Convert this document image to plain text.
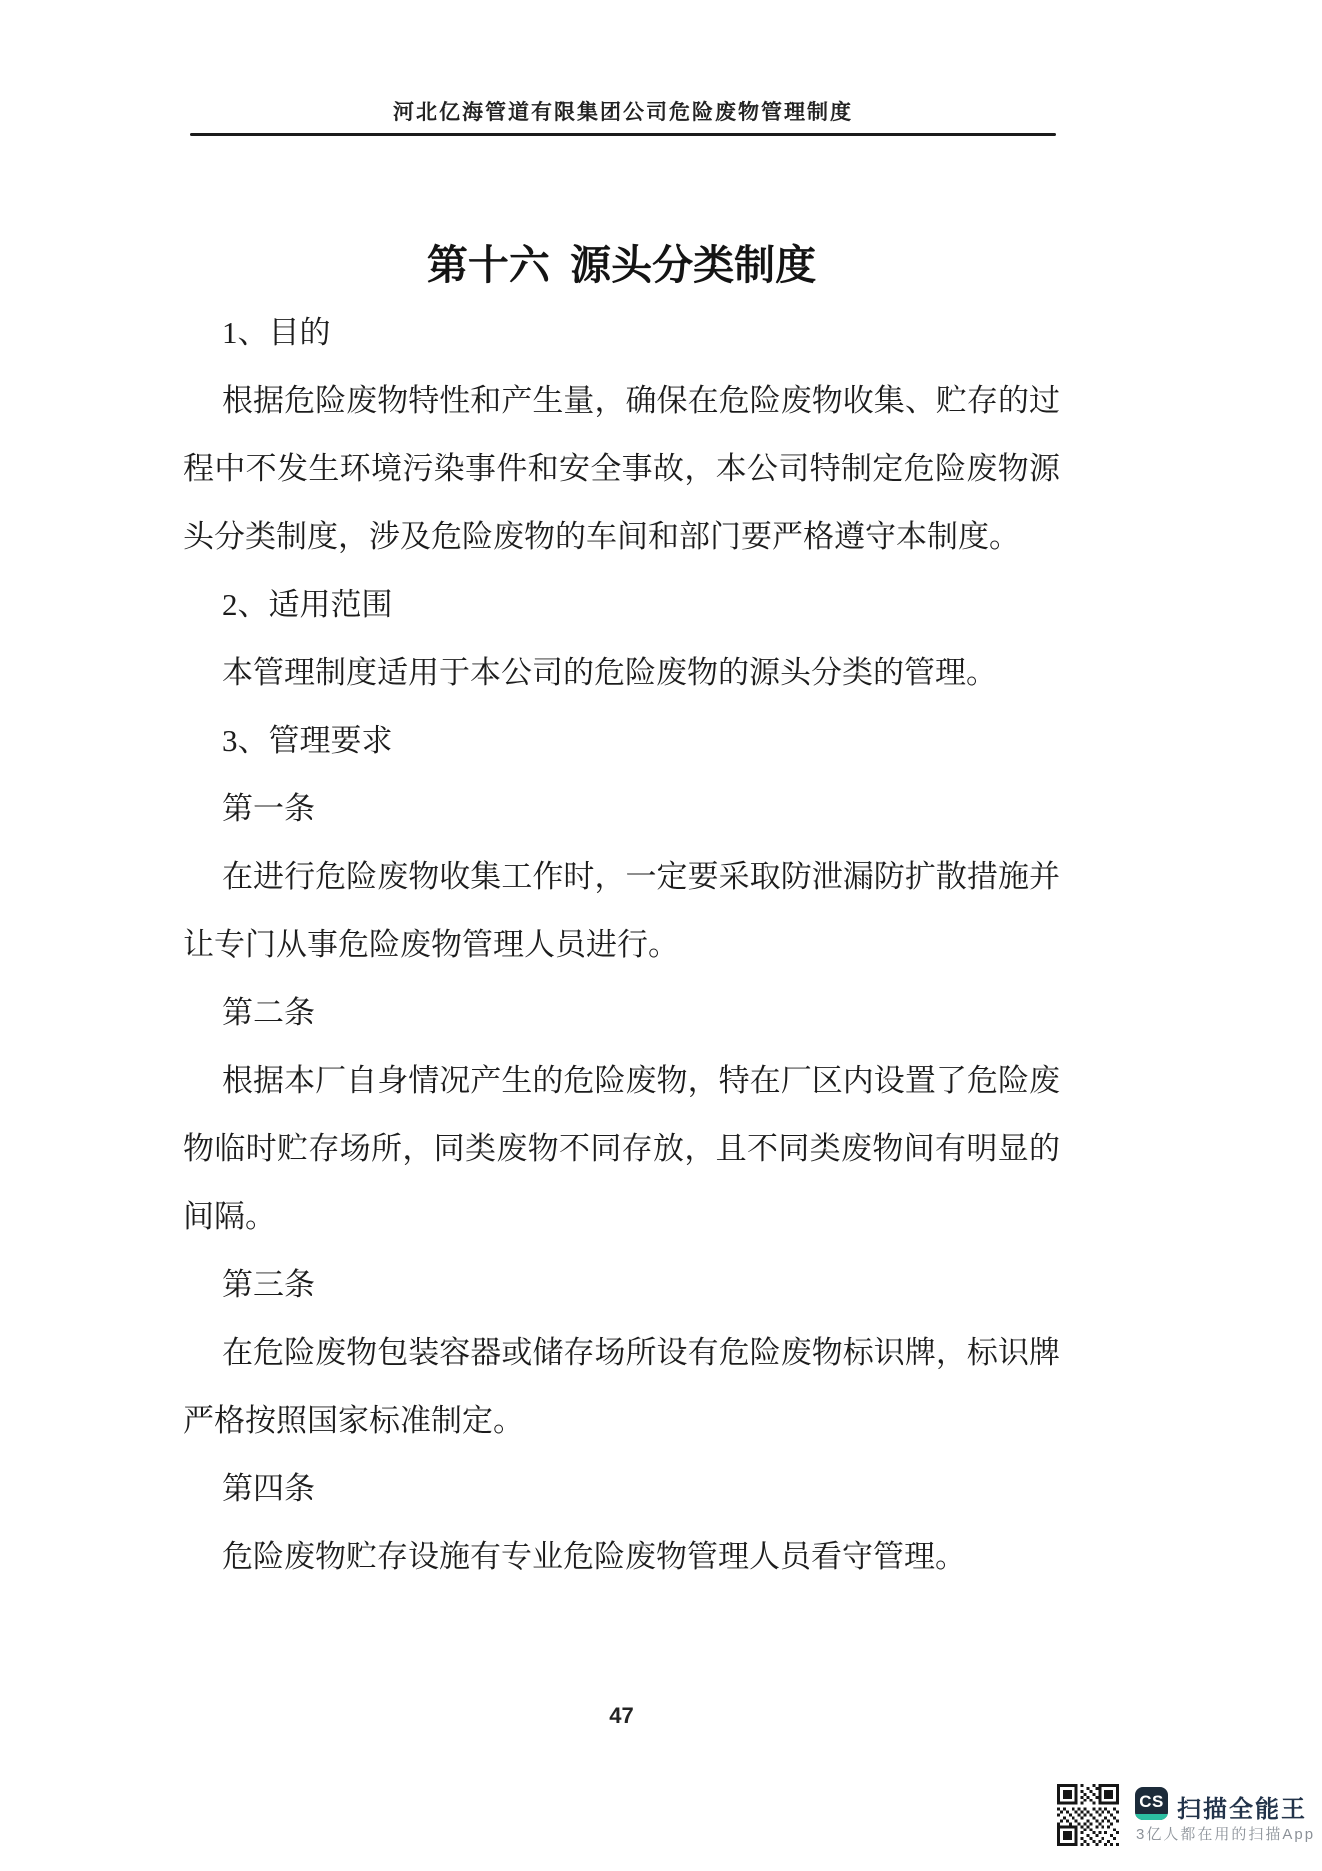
河北亿海管道有限集团公司危险废物管理制度
第十六 源头分类制度

1、目的

根据危险废物特性和产生量，确保在危险废物收集、贮存的过程中不发生环境污染事件和安全事故，本公司特制定危险废物源头分类制度，涉及危险废物的车间和部门要严格遵守本制度。

2、适用范围

本管理制度适用于本公司的危险废物的源头分类的管理。

3、管理要求

第一条

在进行危险废物收集工作时，一定要采取防泄漏防扩散措施并让专门从事危险废物管理人员进行。

第二条

根据本厂自身情况产生的危险废物，特在厂区内设置了危险废物临时贮存场所，同类废物不同存放，且不同类废物间有明显的间隔。

第三条

在危险废物包装容器或储存场所设有危险废物标识牌，标识牌严格按照国家标准制定。

第四条

危险废物贮存设施有专业危险废物管理人员看守管理。

47
CS 扫描全能王
3亿人都在用的扫描App
